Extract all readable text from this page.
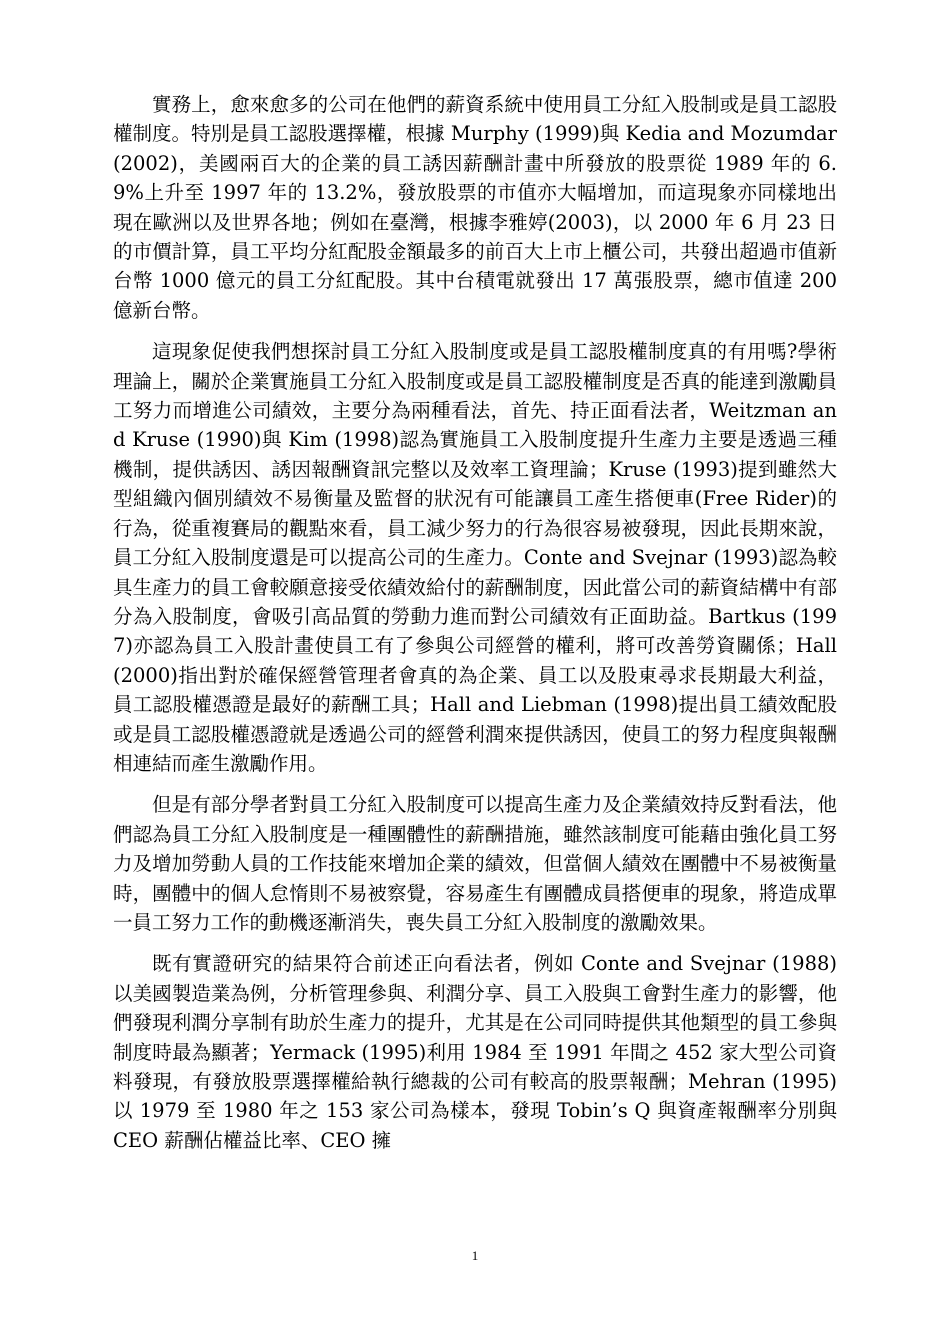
實務上，愈來愈多的公司在他們的薪資系統中使用員工分紅入股制或是員工認股權制度。特別是員工認股選擇權，根據 Murphy (1999)與 Kedia and Mozumdar (2002)，美國兩百大的企業的員工誘因薪酬計畫中所發放的股票從 1989 年的 6.9%上升至 1997 年的 13.2%，發放股票的市值亦大幅增加，而這現象亦同樣地出現在歐洲以及世界各地；例如在臺灣，根據李雅婷(2003)，以 2000 年 6 月 23 日的市價計算，員工平均分紅配股金額最多的前百大上市上櫃公司，共發出超過市值新台幣 1000 億元的員工分紅配股。其中台積電就發出 17 萬張股票，總市值達 200 億新台幣。

這現象促使我們想探討員工分紅入股制度或是員工認股權制度真的有用嗎?學術理論上，關於企業實施員工分紅入股制度或是員工認股權制度是否真的能達到激勵員工努力而增進公司績效，主要分為兩種看法，首先、持正面看法者，Weitzman and Kruse (1990)與 Kim (1998)認為實施員工入股制度提升生產力主要是透過三種機制，提供誘因、誘因報酬資訊完整以及效率工資理論；Kruse (1993)提到雖然大型組織內個別績效不易衡量及監督的狀況有可能讓員工產生搭便車(Free Rider)的行為，從重複賽局的觀點來看，員工減少努力的行為很容易被發現，因此長期來說，員工分紅入股制度還是可以提高公司的生產力。Conte and Svejnar (1993)認為較具生產力的員工會較願意接受依績效給付的薪酬制度，因此當公司的薪資結構中有部分為入股制度，會吸引高品質的勞動力進而對公司績效有正面助益。Bartkus (1997)亦認為員工入股計畫使員工有了參與公司經營的權利，將可改善勞資關係；Hall (2000)指出對於確保經營管理者會真的為企業、員工以及股東尋求長期最大利益，員工認股權憑證是最好的薪酬工具；Hall and Liebman (1998)提出員工績效配股或是員工認股權憑證就是透過公司的經營利潤來提供誘因，使員工的努力程度與報酬相連結而產生激勵作用。

但是有部分學者對員工分紅入股制度可以提高生產力及企業績效持反對看法，他們認為員工分紅入股制度是一種團體性的薪酬措施，雖然該制度可能藉由強化員工努力及增加勞動人員的工作技能來增加企業的績效，但當個人績效在團體中不易被衡量時，團體中的個人怠惰則不易被察覺，容易產生有團體成員搭便車的現象，將造成單一員工努力工作的動機逐漸消失，喪失員工分紅入股制度的激勵效果。

既有實證研究的結果符合前述正向看法者，例如 Conte and Svejnar (1988)以美國製造業為例，分析管理參與、利潤分享、員工入股與工會對生產力的影響，他們發現利潤分享制有助於生產力的提升，尤其是在公司同時提供其他類型的員工參與制度時最為顯著；Yermack (1995)利用 1984 至 1991 年間之 452 家大型公司資料發現，有發放股票選擇權給執行總裁的公司有較高的股票報酬；Mehran (1995)以 1979 至 1980 年之 153 家公司為樣本，發現 Tobin’s Q 與資產報酬率分別與 CEO 薪酬佔權益比率、CEO 擁

1
